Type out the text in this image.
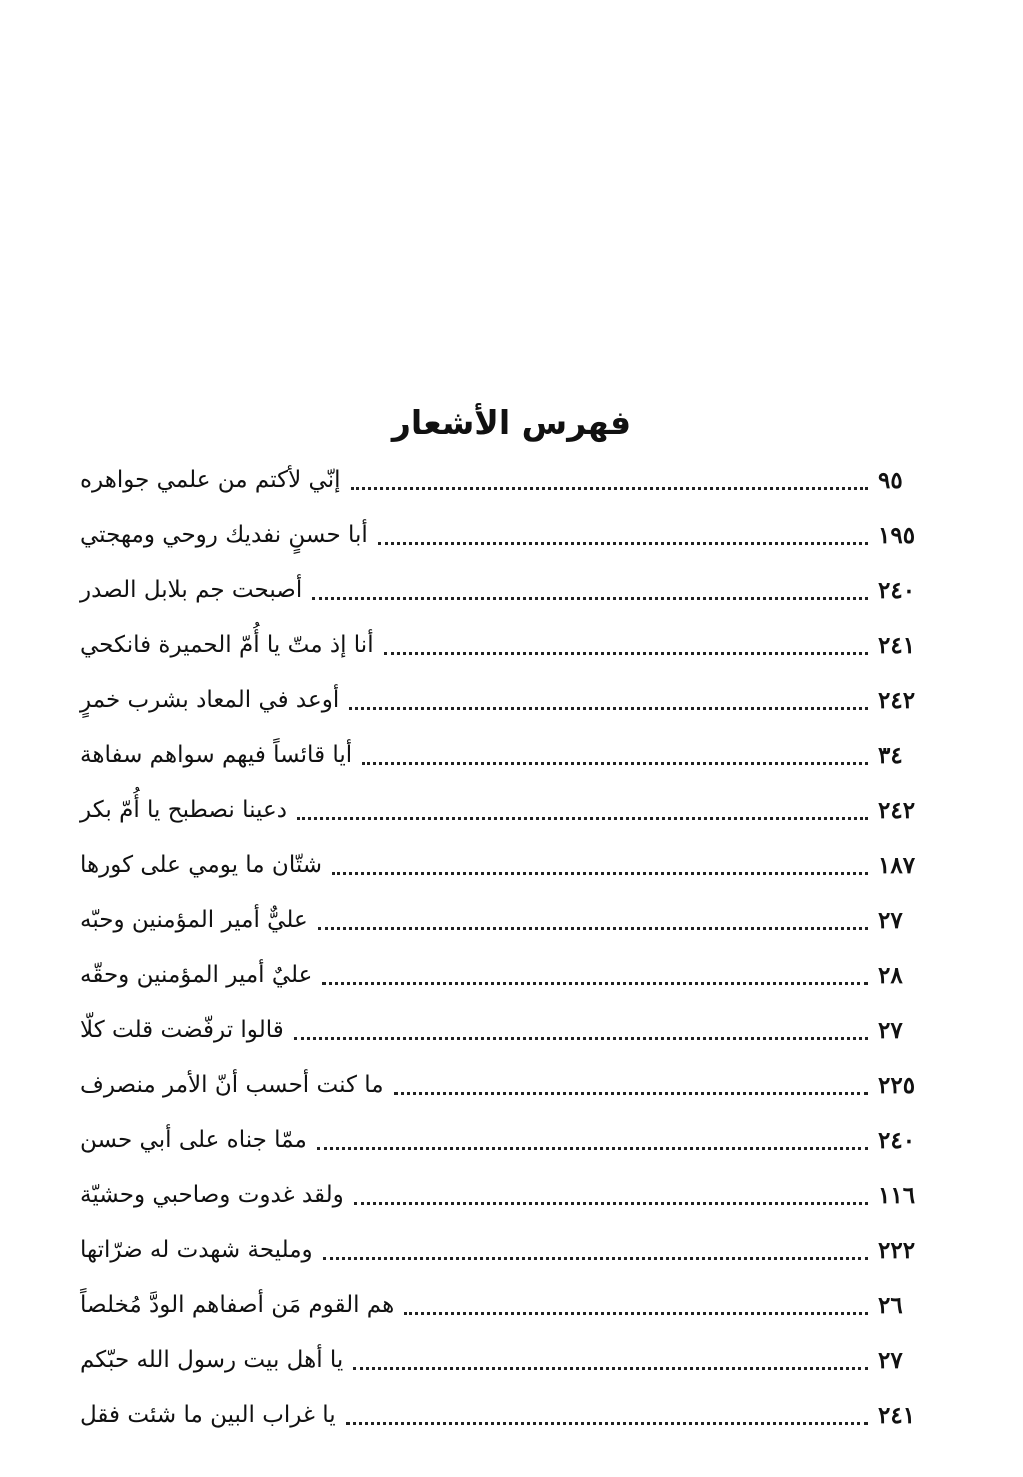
فهرس الأشعار
إنّي لأكتم من علمي جواهره	٩٥
أبا حسنٍ نفديك روحي ومهجتي	١٩٥
أصبحت جم بلابل الصدر	٢٤٠
أنا إذ متّ يا أُمّ الحميرة فانكحي	٢٤١
أوعد في المعاد بشرب خمرٍ	٢٤٢
أيا قائساً فيهم سواهم سفاهة	٣٤
دعينا نصطبح يا أُمّ بكر	٢٤٢
شتّان ما يومي على كورها	١٨٧
عليٌّ أمير المؤمنين وحبّه	٢٧
عليٌ أمير المؤمنين وحقّه	٢٨
قالوا ترفّضت قلت كلّا	٢٧
ما كنت أحسب أنّ الأمر منصرف	٢٢٥
ممّا جناه على أبي حسن	٢٤٠
ولقد غدوت وصاحبي وحشيّة	١١٦
ومليحة شهدت له ضرّاتها	٢٢٢
هم القوم مَن أصفاهم الودَّ مُخلصاً	٢٦
يا أهل بيت رسول الله حبّكم	٢٧
يا غراب البين ما شئت فقل	٢٤١
